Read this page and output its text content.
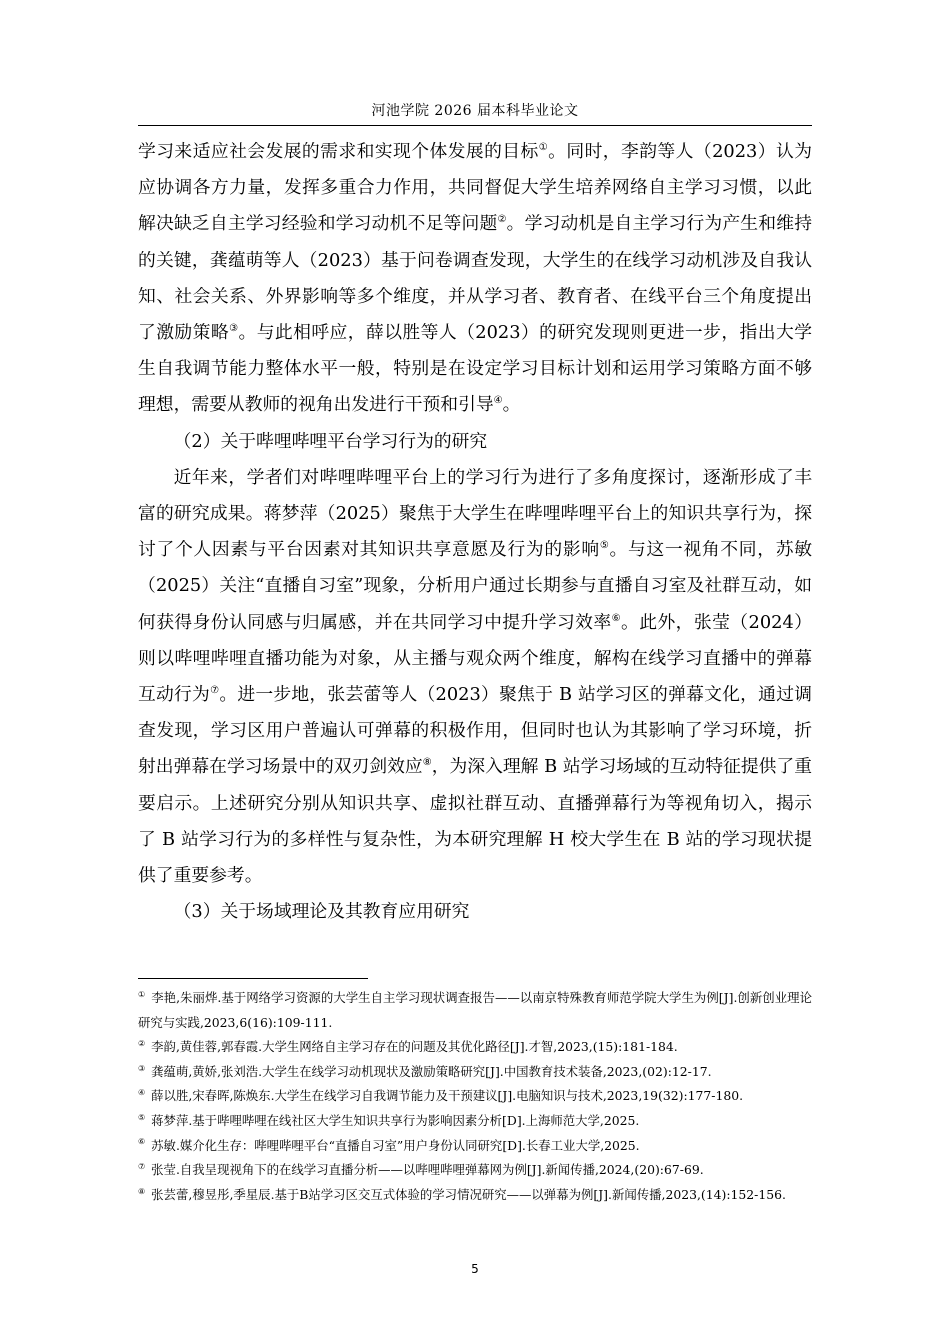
河池学院 2026 届本科毕业论文

学习来适应社会发展的需求和实现个体发展的目标①。同时，李韵等人（2023）认为应协调各方力量，发挥多重合力作用，共同督促大学生培养网络自主学习习惯，以此解决缺乏自主学习经验和学习动机不足等问题②。学习动机是自主学习行为产生和维持的关键，龚蕴萌等人（2023）基于问卷调查发现，大学生的在线学习动机涉及自我认知、社会关系、外界影响等多个维度，并从学习者、教育者、在线平台三个角度提出了激励策略③。与此相呼应，薛以胜等人（2023）的研究发现则更进一步，指出大学生自我调节能力整体水平一般，特别是在设定学习目标计划和运用学习策略方面不够理想，需要从教师的视角出发进行干预和引导④。

（2）关于哔哩哔哩平台学习行为的研究

近年来，学者们对哔哩哔哩平台上的学习行为进行了多角度探讨，逐渐形成了丰富的研究成果。蒋梦萍（2025）聚焦于大学生在哔哩哔哩平台上的知识共享行为，探讨了个人因素与平台因素对其知识共享意愿及行为的影响⑤。与这一视角不同，苏敏（2025）关注“直播自习室”现象，分析用户通过长期参与直播自习室及社群互动，如何获得身份认同感与归属感，并在共同学习中提升学习效率⑥。此外，张莹（2024）则以哔哩哔哩直播功能为对象，从主播与观众两个维度，解构在线学习直播中的弹幕互动行为⑦。进一步地，张芸蕾等人（2023）聚焦于 B 站学习区的弹幕文化，通过调查发现，学习区用户普遍认可弹幕的积极作用，但同时也认为其影响了学习环境，折射出弹幕在学习场景中的双刃剑效应⑧，为深入理解 B 站学习场域的互动特征提供了重要启示。上述研究分别从知识共享、虚拟社群互动、直播弹幕行为等视角切入，揭示了 B 站学习行为的多样性与复杂性，为本研究理解 H 校大学生在 B 站的学习现状提供了重要参考。

（3）关于场域理论及其教育应用研究

① 李艳,朱丽烨.基于网络学习资源的大学生自主学习现状调查报告——以南京特殊教育师范学院大学生为例[J].创新创业理论研究与实践,2023,6(16):109-111.
② 李韵,黄佳蓉,郭春霞.大学生网络自主学习存在的问题及其优化路径[J].才智,2023,(15):181-184.
③ 龚蕴萌,黄娇,张刘浩.大学生在线学习动机现状及激励策略研究[J].中国教育技术装备,2023,(02):12-17.
④ 薛以胜,宋春晖,陈焕东.大学生在线学习自我调节能力及干预建议[J].电脑知识与技术,2023,19(32):177-180.
⑤ 蒋梦萍.基于哔哩哔哩在线社区大学生知识共享行为影响因素分析[D].上海师范大学,2025.
⑥ 苏敏.媒介化生存：哔哩哔哩平台“直播自习室”用户身份认同研究[D].长春工业大学,2025.
⑦ 张莹.自我呈现视角下的在线学习直播分析——以哔哩哔哩弹幕网为例[J].新闻传播,2024,(20):67-69.
⑧ 张芸蕾,穆昱彤,季星辰.基于B站学习区交互式体验的学习情况研究——以弹幕为例[J].新闻传播,2023,(14):152-156.
5
